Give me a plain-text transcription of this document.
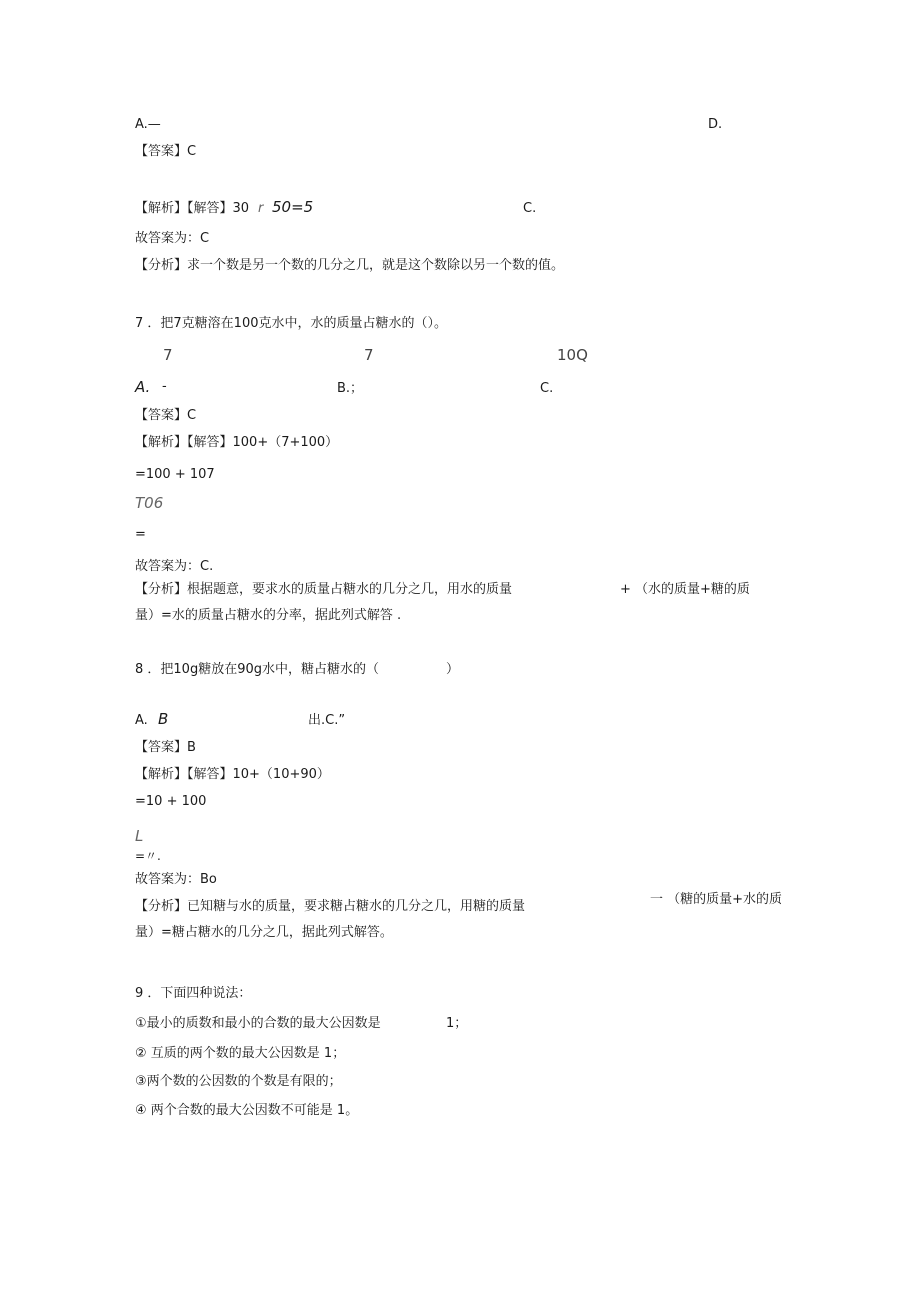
A.—	D.
【答案】C
【解析】【解答】30 r 50=5	C.
故答案为：C
【分析】求一个数是另一个数的几分之几，就是这个数除以另一个数的值。
7 ．把7克糖溶在100克水中，水的质量占糖水的（）。
7	7	10Q
A. -	B.；	C.
【答案】C
【解析】【解答】100+（7+100）
=100 + 107
T06
=
故答案为：C.
【分析】根据题意，要求水的质量占糖水的几分之几，用水的质量	+ （水的质量+糖的质
量）=水的质量占糖水的分率，据此列式解答 .
8 ．把10g糖放在90g水中，糖占糖水的（	）
A. B	出.C.”
【答案】B
【解析】【解答】10+（10+90）
=10 + 100
L
=〃.
故答案为：Bo
【分析】已知糖与水的质量，要求糖占糖水的几分之几，用糖的质量	一 （糖的质量+水的质
量）=糖占糖水的几分之几，据此列式解答。
9 ．下面四种说法：
①最小的质数和最小的合数的最大公因数是	1；
② 互质的两个数的最大公因数是 1；
③两个数的公因数的个数是有限的；
④ 两个合数的最大公因数不可能是 1。
